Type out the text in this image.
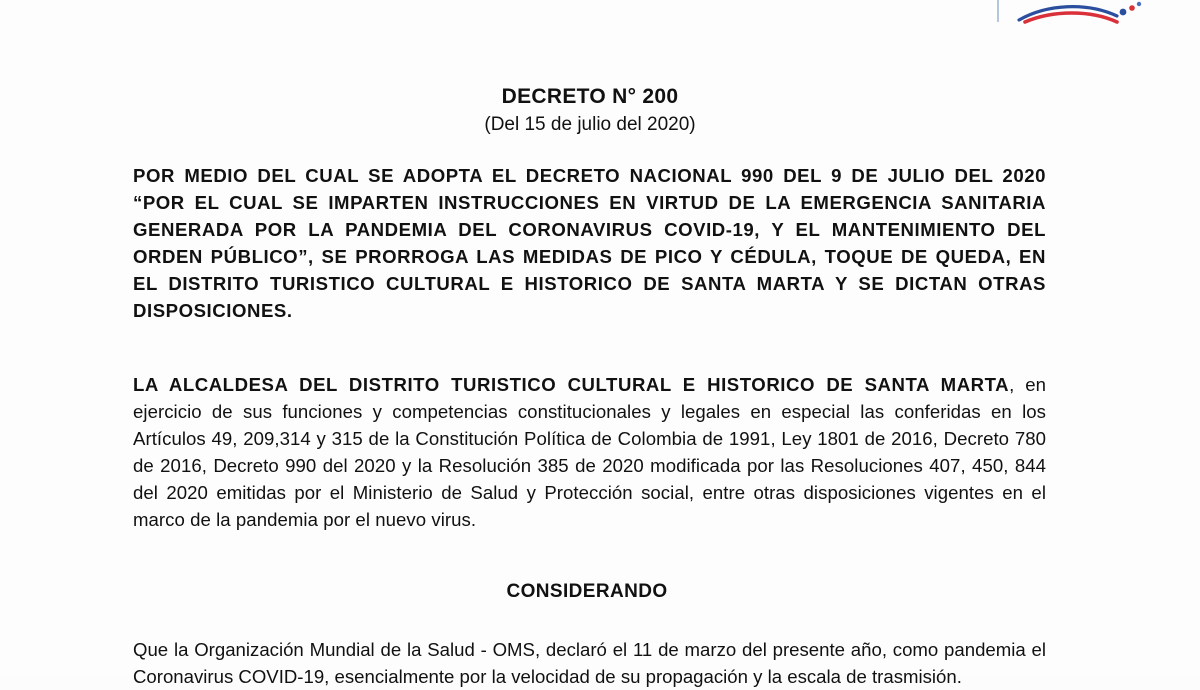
DECRETO N° 200
(Del 15 de julio del 2020)
POR MEDIO DEL CUAL SE ADOPTA EL DECRETO NACIONAL 990 DEL 9 DE JULIO DEL 2020 “POR EL CUAL SE IMPARTEN INSTRUCCIONES EN VIRTUD DE LA EMERGENCIA SANITARIA GENERADA POR LA PANDEMIA DEL CORONAVIRUS COVID-19, Y EL MANTENIMIENTO DEL ORDEN PÚBLICO”, SE PRORROGA LAS MEDIDAS DE PICO Y CÉDULA, TOQUE DE QUEDA, EN EL DISTRITO TURISTICO CULTURAL E HISTORICO DE SANTA MARTA Y SE DICTAN OTRAS DISPOSICIONES.
LA ALCALDESA DEL DISTRITO TURISTICO CULTURAL E HISTORICO DE SANTA MARTA, en ejercicio de sus funciones y competencias constitucionales y legales en especial las conferidas en los Artículos 49, 209,314 y 315 de la Constitución Política de Colombia de 1991, Ley 1801 de 2016, Decreto 780 de 2016, Decreto 990 del 2020 y la Resolución 385 de 2020 modificada por las Resoluciones 407, 450, 844 del 2020 emitidas por el Ministerio de Salud y Protección social, entre otras disposiciones vigentes en el marco de la pandemia por el nuevo virus.
CONSIDERANDO
Que la Organización Mundial de la Salud - OMS, declaró el 11 de marzo del presente año, como pandemia el Coronavirus COVID-19, esencialmente por la velocidad de su propagación y la escala de trasmisión.
